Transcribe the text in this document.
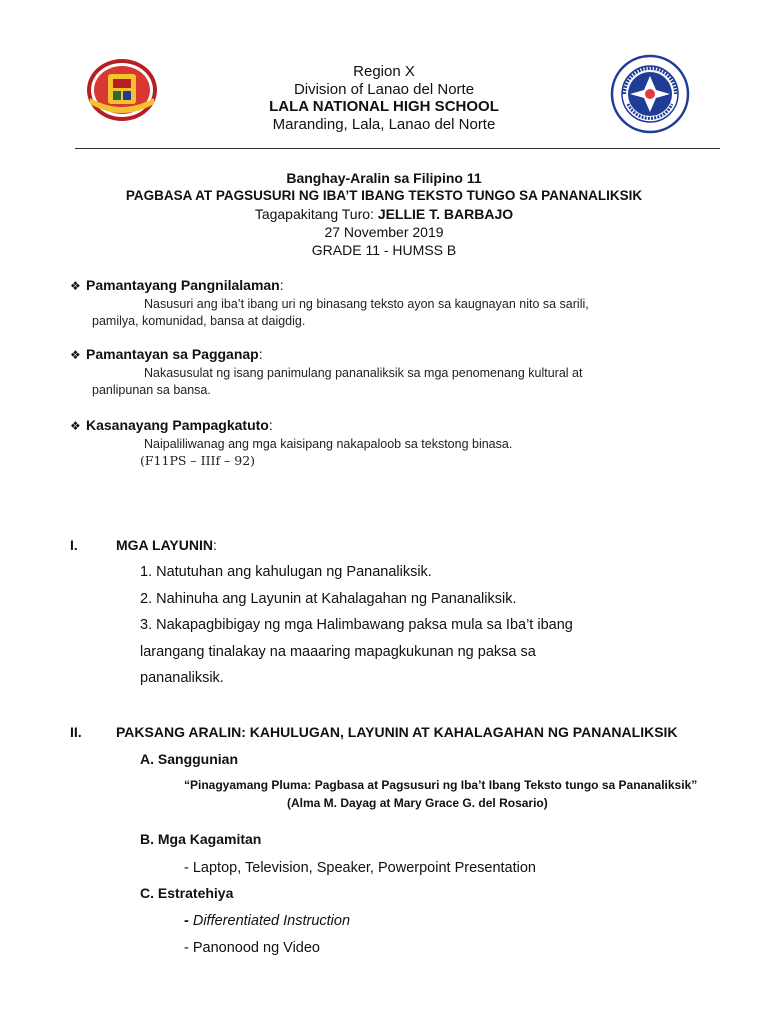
Region X
Division of Lanao del Norte
LALA NATIONAL HIGH SCHOOL
Maranding, Lala, Lanao del Norte
Banghay-Aralin sa Filipino 11
PAGBASA AT PAGSUSURI NG IBA’T IBANG TEKSTO TUNGO SA PANANALIKSIK
Tagapakitang Turo: JELLIE T. BARBAJO
27 November 2019
GRADE 11 - HUMSS B
❖ Pamantayang Pangnilalaman:
Nasusuri ang iba’t ibang uri ng binasang teksto ayon sa kaugnayan nito sa sarili,
pamilya, komunidad, bansa at daigdig.
❖ Pamantayan sa Pagganap:
Nakasusulat ng isang panimulang pananaliksik sa mga penomenang kultural at
panlipunan sa bansa.
❖ Kasanayang Pampagkatuto:
Naipaliliwanag ang mga kaisipang nakapaloob sa tekstong binasa.
(F11PS – IIIf – 92)
I.	MGA LAYUNIN:
1. Natutuhan ang kahulugan ng Pananaliksik.
2. Nahinuha ang Layunin at Kahalagahan ng Pananaliksik.
3. Nakapagbibigay ng mga Halimbawang paksa mula sa Iba’t ibang
larangang tinalakay na maaaring mapagkukunan ng paksa sa
pananaliksik.
II. PAKSANG ARALIN: KAHULUGAN, LAYUNIN AT KAHALAGAHAN NG PANANALIKSIK
A. Sanggunian
“Pinagyamang Pluma: Pagbasa at Pagsusuri ng Iba’t Ibang Teksto tungo sa Pananaliksik”
(Alma M. Dayag at Mary Grace G. del Rosario)
B. Mga Kagamitan
- Laptop, Television, Speaker, Powerpoint Presentation
C. Estratehiya
- Differentiated Instruction
- Panonood ng Video
